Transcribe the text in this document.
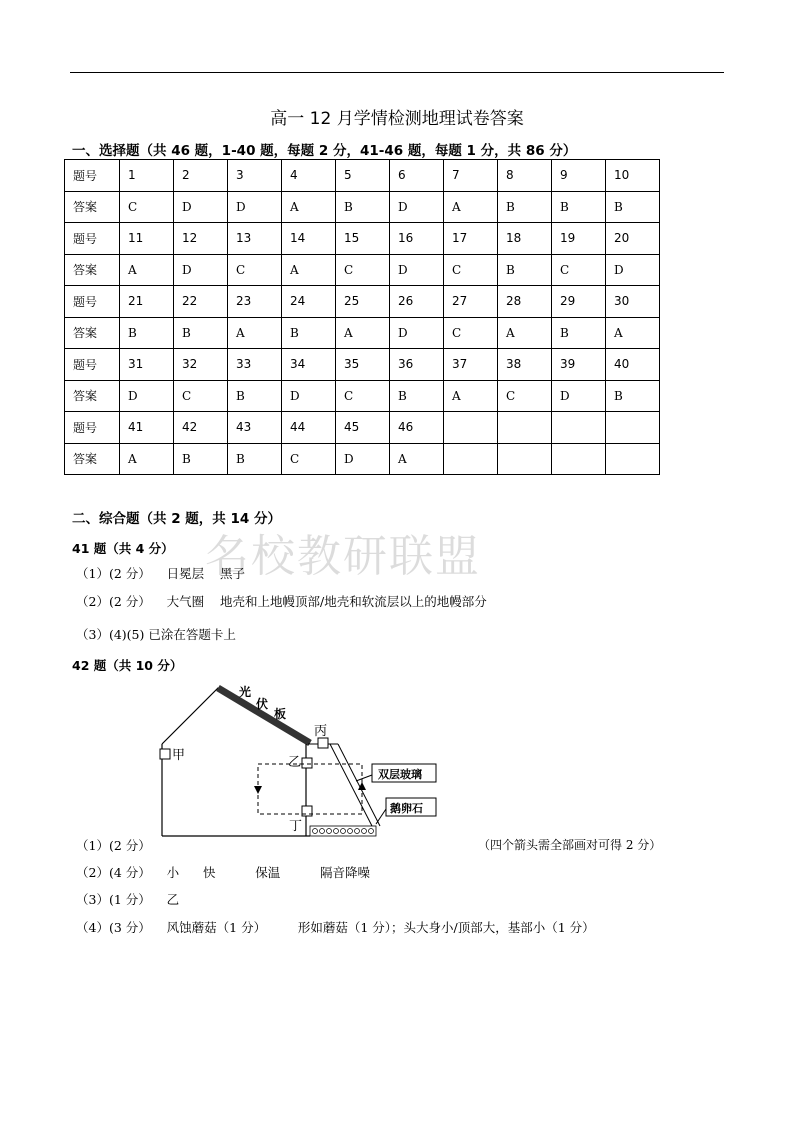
高一 12 月学情检测地理试卷答案
一、选择题（共 46 题，1-40 题，每题 2 分，41-46 题，每题 1 分，共 86 分）
题号	1	2	3	4	5	6	7	8	9	10
答案	C	D	D	A	B	D	A	B	B	B
题号	11	12	13	14	15	16	17	18	19	20
答案	A	D	C	A	C	D	C	B	C	D
题号	21	22	23	24	25	26	27	28	29	30
答案	B	B	A	B	A	D	C	A	B	A
题号	31	32	33	34	35	36	37	38	39	40
答案	D	C	B	D	C	B	A	C	D	B
题号	41	42	43	44	45	46				
答案	A	B	B	C	D	A				
二、综合题（共 2 题，共 14 分）
名校教研联盟
41 题（共 4 分）
（1）(2 分）    日冕层    黑子
（2）(2 分）    大气圈    地壳和上地幔顶部/地壳和软流层以上的地幔部分
（3）(4)(5) 已涂在答题卡上
42 题（共 10 分）
光
伏
板
甲
丙
乙
丁
双层玻璃
鹅卵石
（1）(2 分）	（四个箭头需全部画对可得 2 分）
（2）(4 分）    小      快          保温          隔音降噪
（3）(1 分）    乙
（4）(3 分）    风蚀蘑菇（1 分）        形如蘑菇（1 分）；头大身小/顶部大，基部小（1 分）
